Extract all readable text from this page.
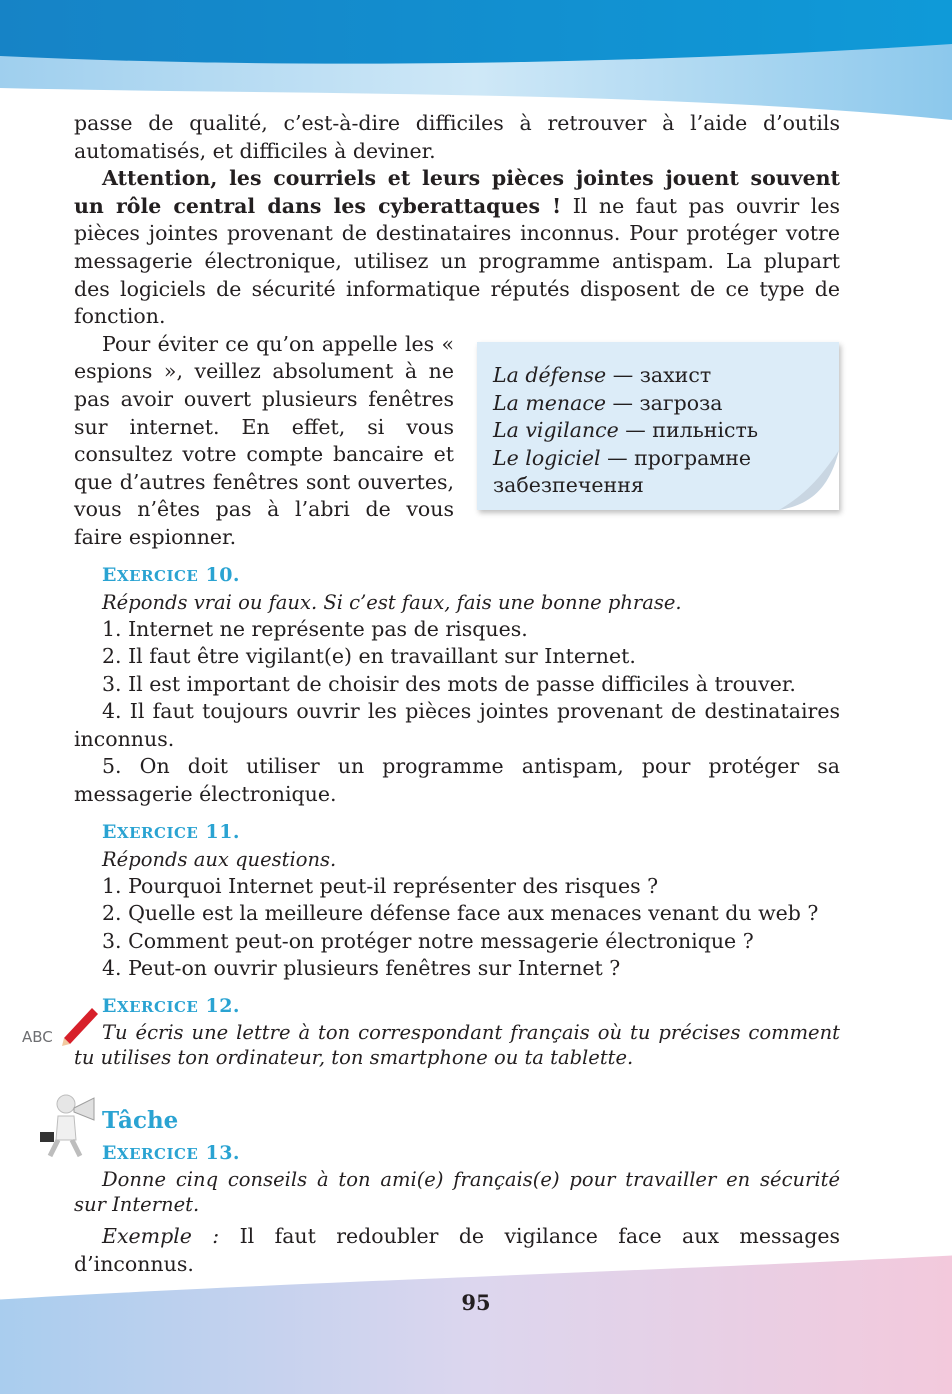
passe de qualité, c’est-à-dire difficiles à retrouver à l’aide d’outils automatisés, et difficiles à deviner.

Attention, les courriels et leurs pièces jointes jouent souvent un rôle central dans les cyberattaques ! Il ne faut pas ouvrir les pièces jointes provenant de destinataires inconnus. Pour protéger votre messagerie électronique, utilisez un programme antispam. La plupart des logiciels de sécurité informatique réputés disposent de ce type de fonction.

Pour éviter ce qu’on appelle les « espions », veillez absolument à ne pas avoir ouvert plusieurs fenêtres sur internet. En effet, si vous consultez votre compte bancaire et que d’autres fenêtres sont ouvertes, vous n’êtes pas à l’abri de vous faire espionner.

EXERCICE 10.
Réponds vrai ou faux. Si c’est faux, fais une bonne phrase.

1. Internet ne représente pas de risques.

2. Il faut être vigilant(e) en travaillant sur Internet.

3. Il est important de choisir des mots de passe difficiles à trouver.

4. Il faut toujours ouvrir les pièces jointes provenant de destinataires inconnus.

5. On doit utiliser un programme antispam, pour protéger sa messagerie électronique.

EXERCICE 11.
Réponds aux questions.

1. Pourquoi Internet peut-il représenter des risques ?

2. Quelle est la meilleure défense face aux menaces venant du web ?

3. Comment peut-on protéger notre messagerie électronique ?

4. Peut-on ouvrir plusieurs fenêtres sur Internet ?

EXERCICE 12.
Tu écris une lettre à ton correspondant français où tu précises comment tu utilises ton ordinateur, ton smartphone ou ta tablette.
Tâche
EXERCICE 13.
Donne cinq conseils à ton ami(e) français(e) pour travailler en sécurité sur Internet.

Exemple : Il faut redoubler de vigilance face aux messages d’inconnus.

La défense — захист
La menace — загроза
La vigilance — пильність
Le logiciel — програмне забезпечення
ABC
95
